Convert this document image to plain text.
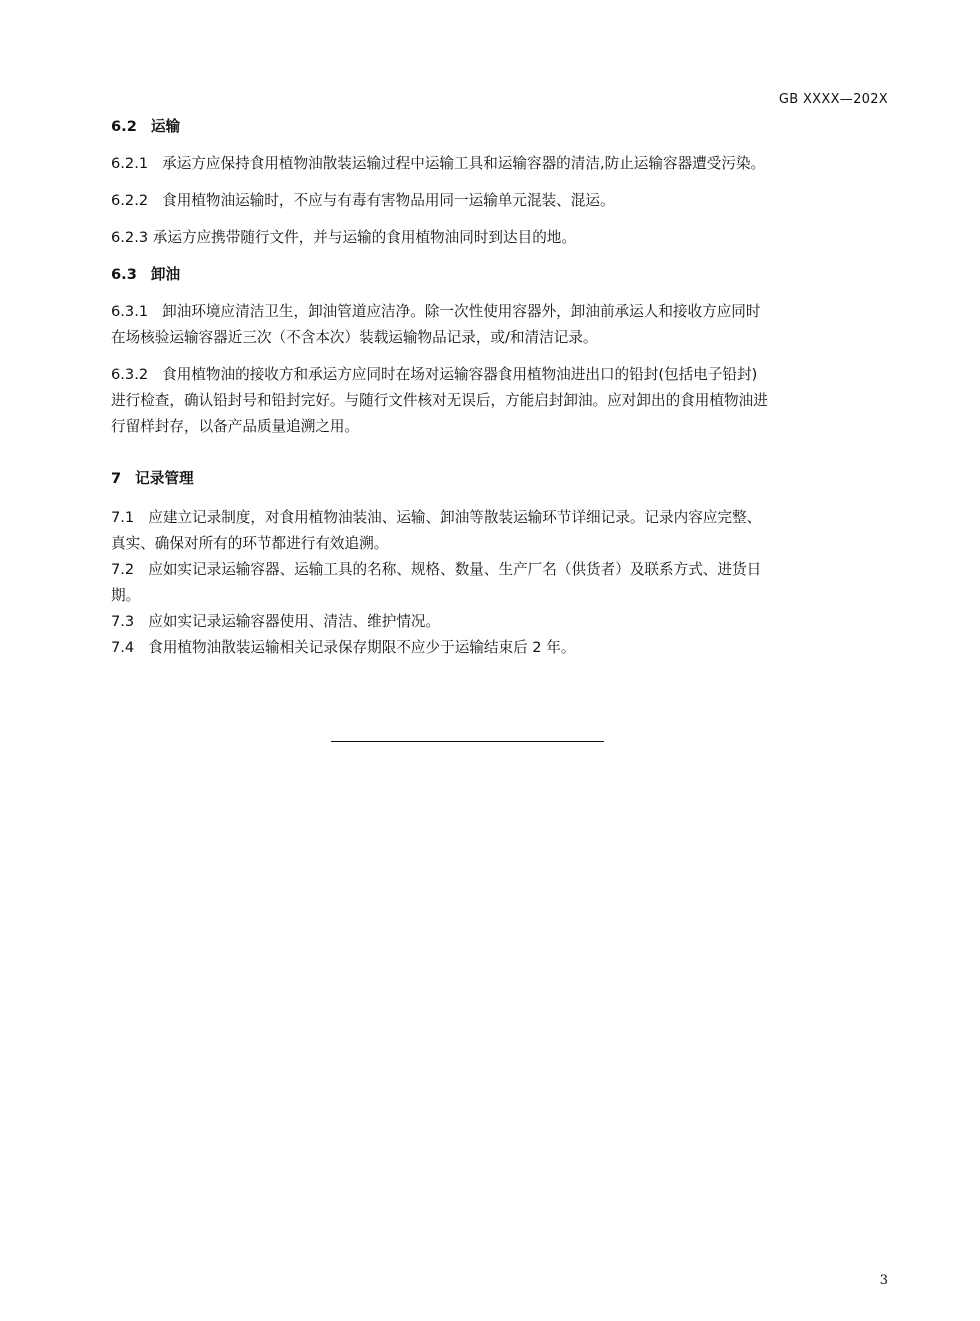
GB XXXX—202X

6.2 运输

6.2.1 承运方应保持食用植物油散装运输过程中运输工具和运输容器的清洁,防止运输容器遭受污染。

6.2.2 食用植物油运输时，不应与有毒有害物品用同一运输单元混装、混运。

6.2.3 承运方应携带随行文件，并与运输的食用植物油同时到达目的地。

6.3 卸油

6.3.1 卸油环境应清洁卫生，卸油管道应洁净。除一次性使用容器外，卸油前承运人和接收方应同时
在场核验运输容器近三次（不含本次）装载运输物品记录，或/和清洁记录。
6.3.2 食用植物油的接收方和承运方应同时在场对运输容器食用植物油进出口的铅封(包括电子铅封)
进行检查，确认铅封号和铅封完好。与随行文件核对无误后，方能启封卸油。应对卸出的食用植物油进
行留样封存，以备产品质量追溯之用。

7 记录管理

7.1 应建立记录制度，对食用植物油装油、运输、卸油等散装运输环节详细记录。记录内容应完整、
真实、确保对所有的环节都进行有效追溯。
7.2 应如实记录运输容器、运输工具的名称、规格、数量、生产厂名（供货者）及联系方式、进货日
期。

7.3 应如实记录运输容器使用、清洁、维护情况。

7.4 食用植物油散装运输相关记录保存期限不应少于运输结束后 2 年。

3
